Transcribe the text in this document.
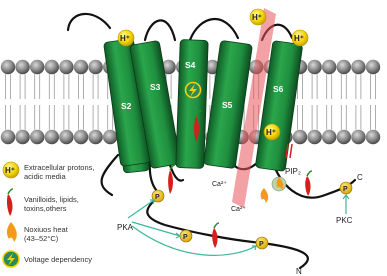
S2
S3
S4
S5
S6
H⁺
H⁺
H⁺
H⁺
P
P
P
P
PKA
PKC
C
N
PIP₂
Ca²⁺
Ca²⁺
H⁺ Extracellular protons,
acidic media
Vanilloids, lipids,
toxins,others
Noxiuos heat
(43–52°C)
Voltage dependency
